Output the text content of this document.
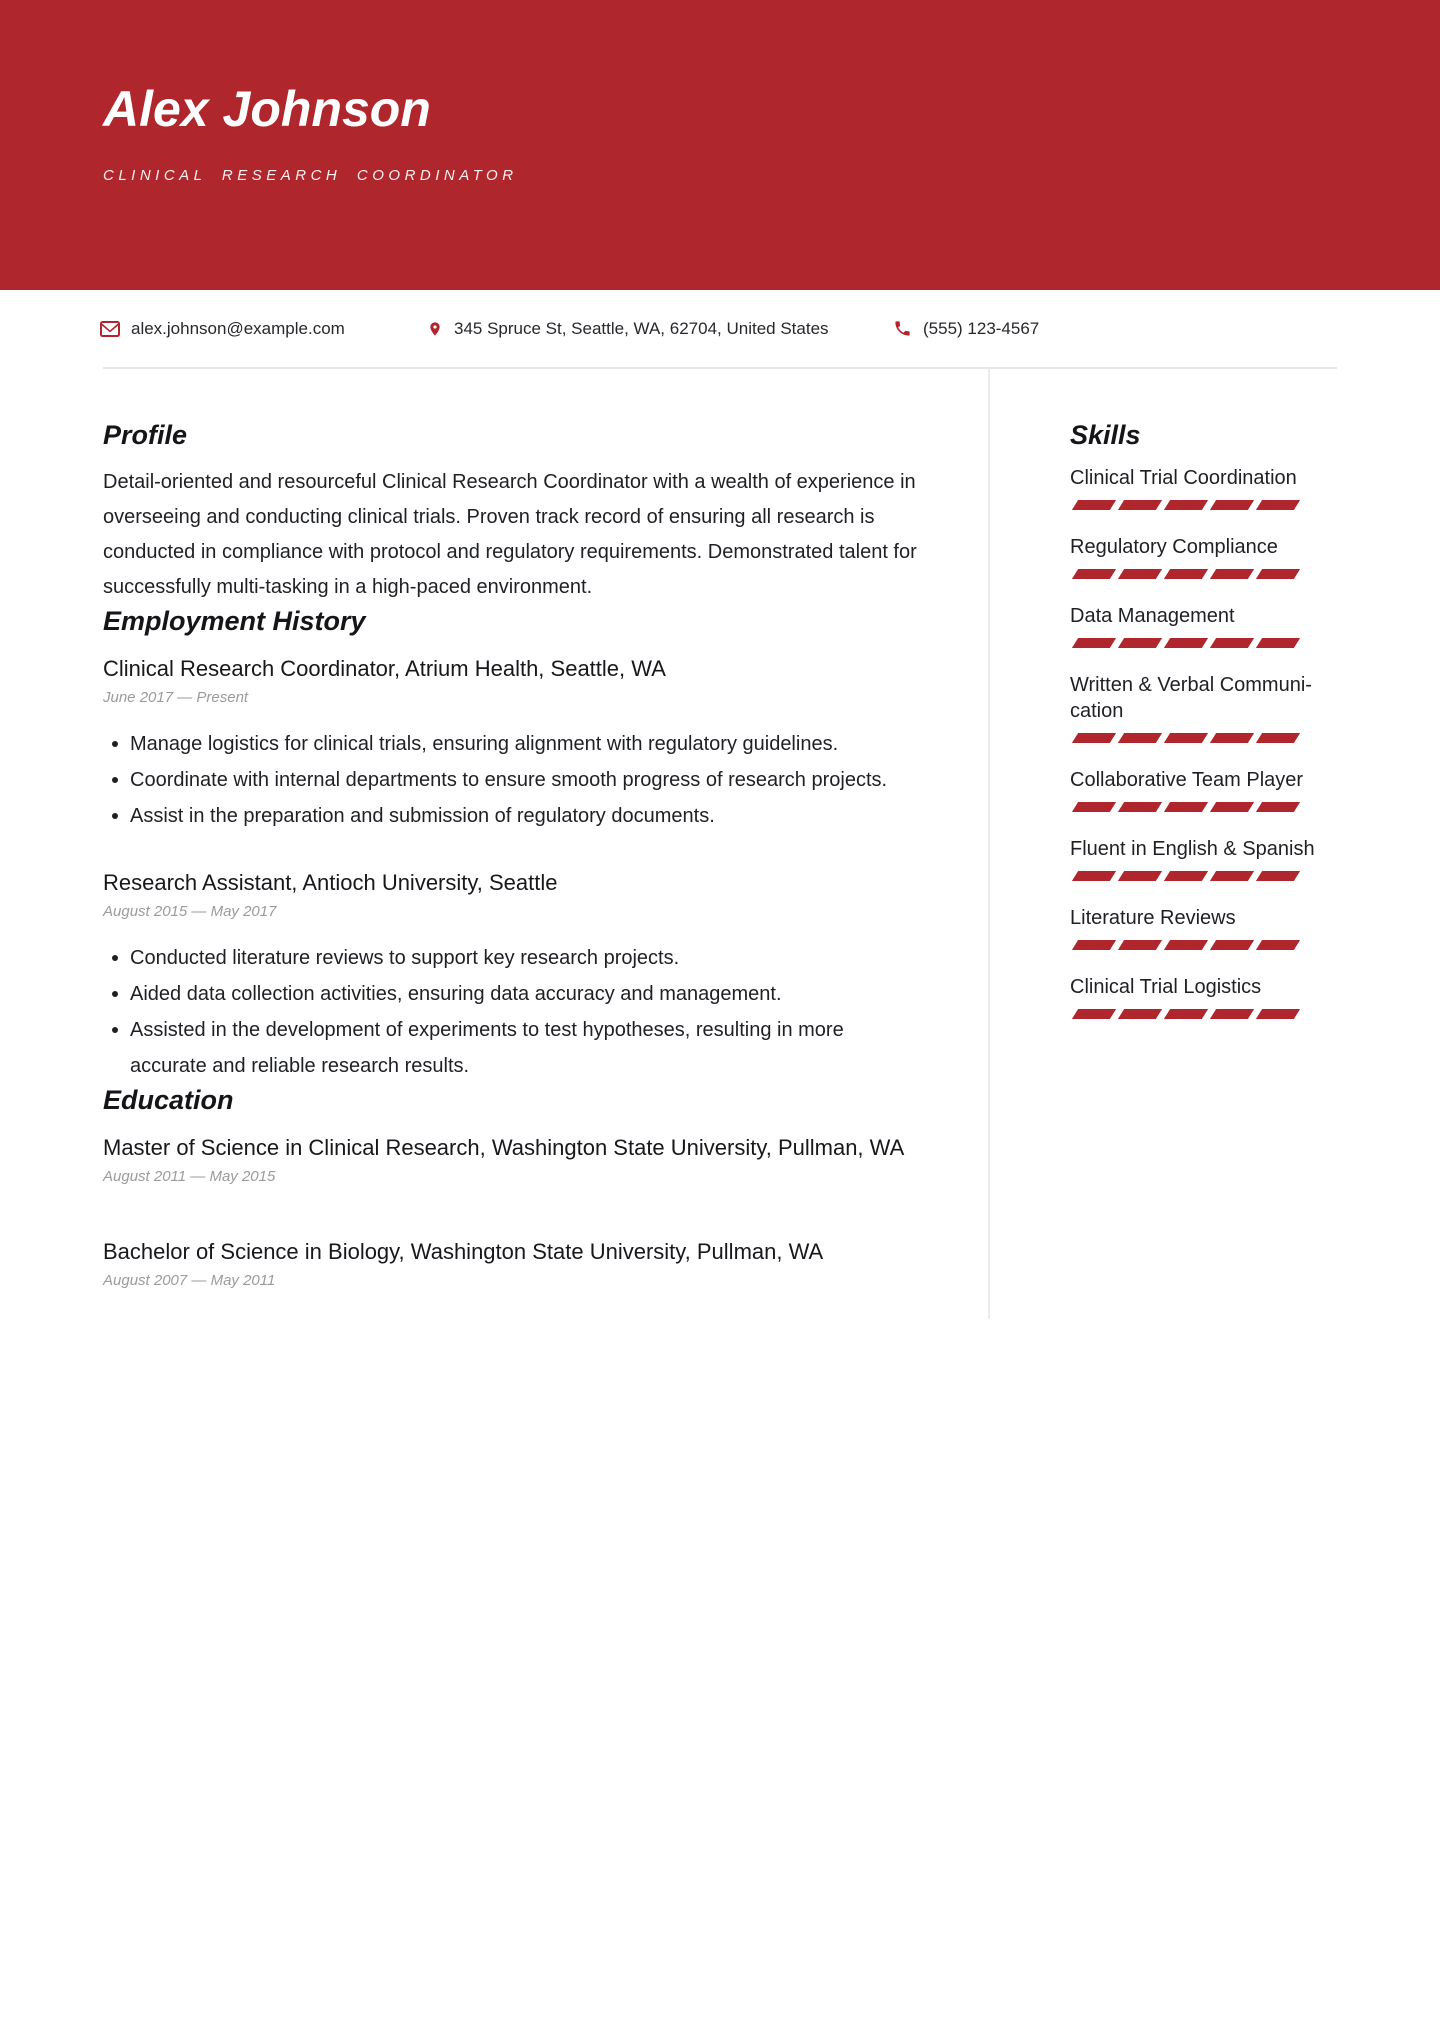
Alex Johnson
CLINICAL RESEARCH COORDINATOR
alex.johnson@example.com	345 Spruce St, Seattle, WA, 62704, United States	(555) 123-4567
Profile

Detail-oriented and resourceful Clinical Research Coordinator with a wealth of experience in overseeing and conducting clinical trials. Proven track record of ensuring all research is conducted in compliance with protocol and regulatory requirements. Demonstrated talent for successfully multi-tasking in a high-paced environment.

Employment History
Clinical Research Coordinator, Atrium Health, Seattle, WA
June 2017 — Present
Manage logistics for clinical trials, ensuring alignment with regulatory guidelines.
Coordinate with internal departments to ensure smooth progress of research projects.
Assist in the preparation and submission of regulatory documents.
Research Assistant, Antioch University, Seattle
August 2015 — May 2017
Conducted literature reviews to support key research projects.
Aided data collection activities, ensuring data accuracy and management.
Assisted in the development of experiments to test hypotheses, resulting in more accurate and reliable research results.
Education
Master of Science in Clinical Research, Washington State University, Pullman, WA
August 2011 — May 2015
Bachelor of Science in Biology, Washington State University, Pullman, WA
August 2007 — May 2011
Skills
Clinical Trial Coordination
Regulatory Compliance
Data Management
Written & Verbal Communication
Collaborative Team Player
Fluent in English & Spanish
Literature Reviews
Clinical Trial Logistics
